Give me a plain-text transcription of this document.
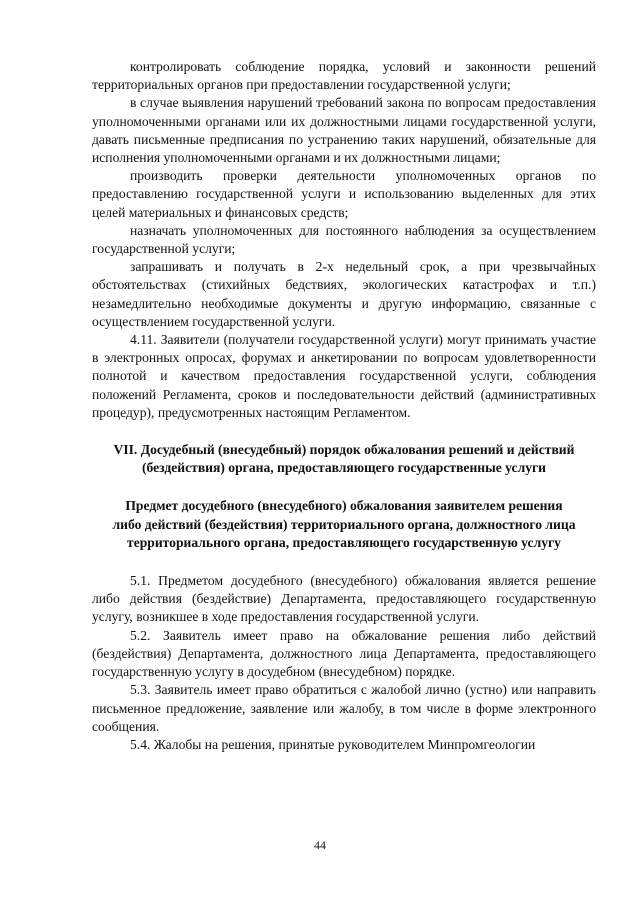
контролировать соблюдение порядка, условий и законности решений территориальных органов при предоставлении государственной услуги;

в случае выявления нарушений требований закона по вопросам предоставления уполномоченными органами или их должностными лицами государственной услуги, давать письменные предписания по устранению таких нарушений, обязательные для исполнения уполномоченными органами и их должностными лицами;

производить проверки деятельности уполномоченных органов по предоставлению государственной услуги и использованию выделенных для этих целей материальных и финансовых средств;

назначать уполномоченных для постоянного наблюдения за осуществлением государственной услуги;

запрашивать и получать в 2-х недельный срок, а при чрезвычайных обстоятельствах (стихийных бедствиях, экологических катастрофах и т.п.) незамедлительно необходимые документы и другую информацию, связанные с осуществлением государственной услуги.

4.11. Заявители (получатели государственной услуги) могут принимать участие в электронных опросах, форумах и анкетировании по вопросам удовлетворенности полнотой и качеством предоставления государственной услуги, соблюдения положений Регламента, сроков и последовательности действий (административных процедур), предусмотренных настоящим Регламентом.

VII. Досудебный (внесудебный) порядок обжалования решений и действий (бездействия) органа, предоставляющего государственные услуги

Предмет досудебного (внесудебного) обжалования заявителем решения либо действий (бездействия) территориального органа, должностного лица территориального органа, предоставляющего государственную услугу

5.1. Предметом досудебного (внесудебного) обжалования является решение либо действия (бездействие) Департамента, предоставляющего государственную услугу, возникшее в ходе предоставления государственной услуги.

5.2. Заявитель имеет право на обжалование решения либо действий (бездействия) Департамента, должностного лица Департамента, предоставляющего государственную услугу в досудебном (внесудебном) порядке.

5.3. Заявитель имеет право обратиться с жалобой лично (устно) или направить письменное предложение, заявление или жалобу, в том числе в форме электронного сообщения.

5.4. Жалобы на решения, принятые руководителем Минпромгеологии

44
